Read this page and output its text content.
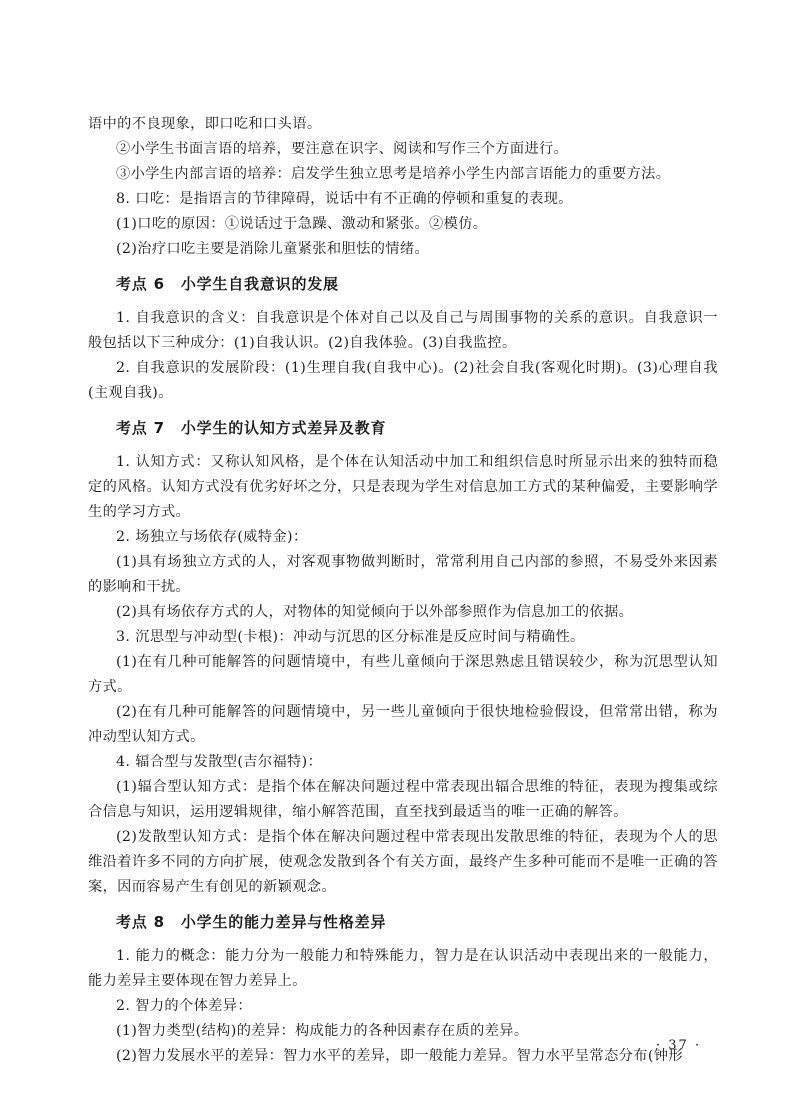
语中的不良现象，即口吃和口头语。

②小学生书面言语的培养，要注意在识字、阅读和写作三个方面进行。

③小学生内部言语的培养：启发学生独立思考是培养小学生内部言语能力的重要方法。

8. 口吃：是指语言的节律障碍，说话中有不正确的停顿和重复的表现。

(1)口吃的原因：①说话过于急躁、激动和紧张。②模仿。

(2)治疗口吃主要是消除儿童紧张和胆怯的情绪。

考点 6 小学生自我意识的发展

1. 自我意识的含义：自我意识是个体对自己以及自己与周围事物的关系的意识。自我意识一般包括以下三种成分：(1)自我认识。(2)自我体验。(3)自我监控。

2. 自我意识的发展阶段：(1)生理自我(自我中心)。(2)社会自我(客观化时期)。(3)心理自我(主观自我)。

考点 7 小学生的认知方式差异及教育

1. 认知方式：又称认知风格，是个体在认知活动中加工和组织信息时所显示出来的独特而稳定的风格。认知方式没有优劣好坏之分，只是表现为学生对信息加工方式的某种偏爱，主要影响学生的学习方式。

2. 场独立与场依存(威特金)：

(1)具有场独立方式的人，对客观事物做判断时，常常利用自己内部的参照，不易受外来因素的影响和干扰。

(2)具有场依存方式的人，对物体的知觉倾向于以外部参照作为信息加工的依据。

3. 沉思型与冲动型(卡根)：冲动与沉思的区分标准是反应时间与精确性。

(1)在有几种可能解答的问题情境中，有些儿童倾向于深思熟虑且错误较少，称为沉思型认知方式。

(2)在有几种可能解答的问题情境中，另一些儿童倾向于很快地检验假设，但常常出错，称为冲动型认知方式。

4. 辐合型与发散型(吉尔福特)：

(1)辐合型认知方式：是指个体在解决问题过程中常表现出辐合思维的特征，表现为搜集或综合信息与知识，运用逻辑规律，缩小解答范围，直至找到最适当的唯一正确的解答。

(2)发散型认知方式：是指个体在解决问题过程中常表现出发散思维的特征，表现为个人的思维沿着许多不同的方向扩展，使观念发散到各个有关方面，最终产生多种可能而不是唯一正确的答案，因而容易产生有创见的新颖观念。

考点 8 小学生的能力差异与性格差异

1. 能力的概念：能力分为一般能力和特殊能力，智力是在认识活动中表现出来的一般能力，能力差异主要体现在智力差异上。

2. 智力的个体差异：

(1)智力类型(结构)的差异：构成能力的各种因素存在质的差异。

(2)智力发展水平的差异：智力水平的差异，即一般能力差异。智力水平呈常态分布(钟形

· 37 ·
